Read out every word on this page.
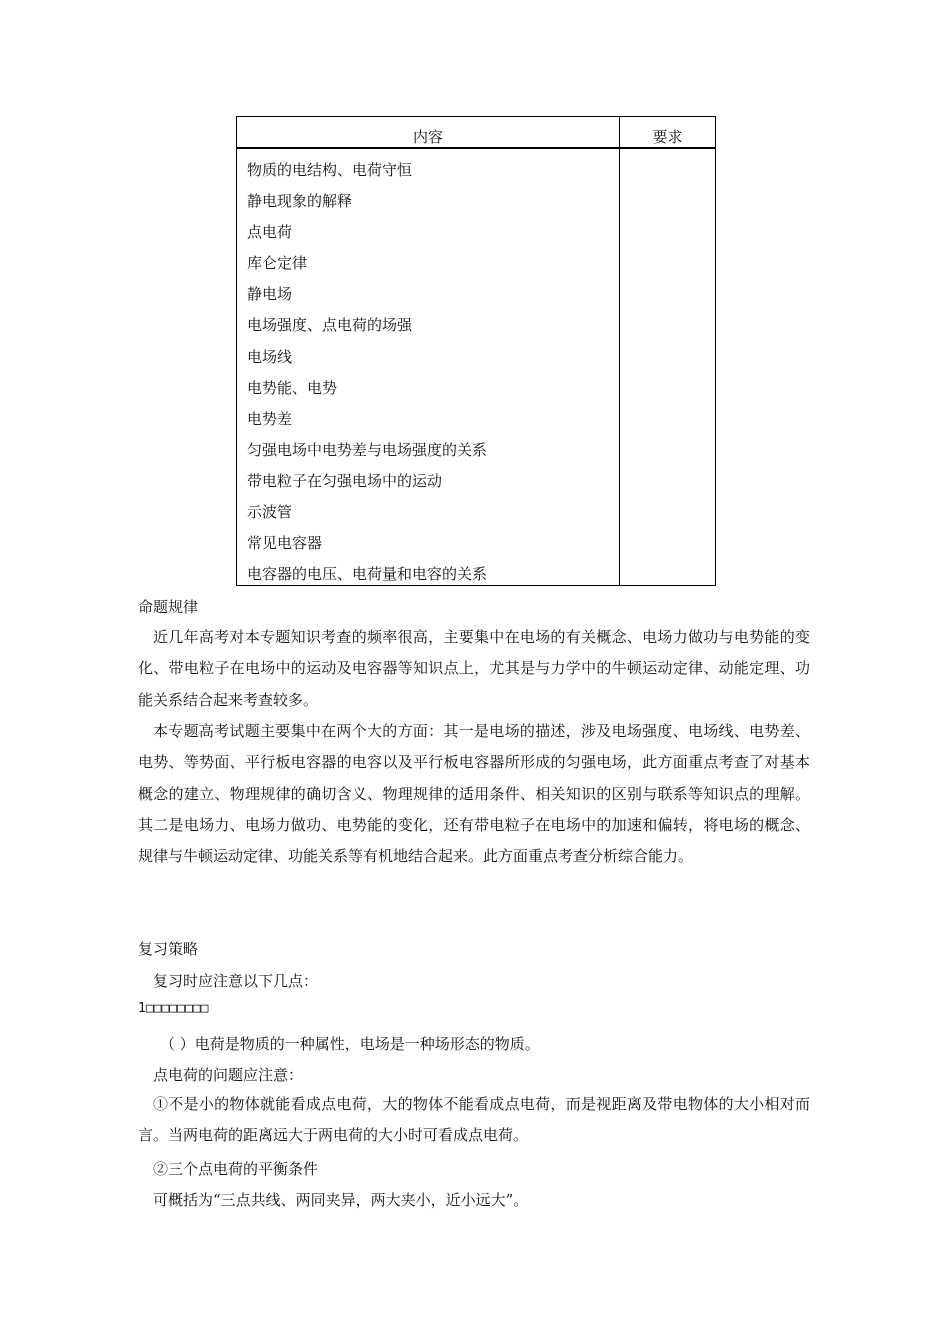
内容	要求
物质的电结构、电荷守恒
静电现象的解释
点电荷
库仑定律
静电场
电场强度、点电荷的场强
电场线
电势能、电势
电势差
匀强电场中电势差与电场强度的关系
带电粒子在匀强电场中的运动
示波管
常见电容器
电容器的电压、电荷量和电容的关系
命题规律
近几年高考对本专题知识考查的频率很高，主要集中在电场的有关概念、电场力做功与电势能的变化、带电粒子在电场中的运动及电容器等知识点上，尤其是与力学中的牛顿运动定律、动能定理、功能关系结合起来考查较多。
本专题高考试题主要集中在两个大的方面：其一是电场的描述，涉及电场强度、电场线、电势差、电势、等势面、平行板电容器的电容以及平行板电容器所形成的匀强电场，此方面重点考查了对基本概念的建立、物理规律的确切含义、物理规律的适用条件、相关知识的区别与联系等知识点的理解。其二是电场力、电场力做功、电势能的变化，还有带电粒子在电场中的加速和偏转，将电场的概念、规律与牛顿运动定律、功能关系等有机地结合起来。此方面重点考查分析综合能力。
复习策略
复习时应注意以下几点：
1□□□□□□□□
（ ）电荷是物质的一种属性，电场是一种场形态的物质。
点电荷的问题应注意：
①不是小的物体就能看成点电荷，大的物体不能看成点电荷，而是视距离及带电物体的大小相对而言。当两电荷的距离远大于两电荷的大小时可看成点电荷。
②三个点电荷的平衡条件
可概括为“三点共线、两同夹异，两大夹小，近小远大”。
